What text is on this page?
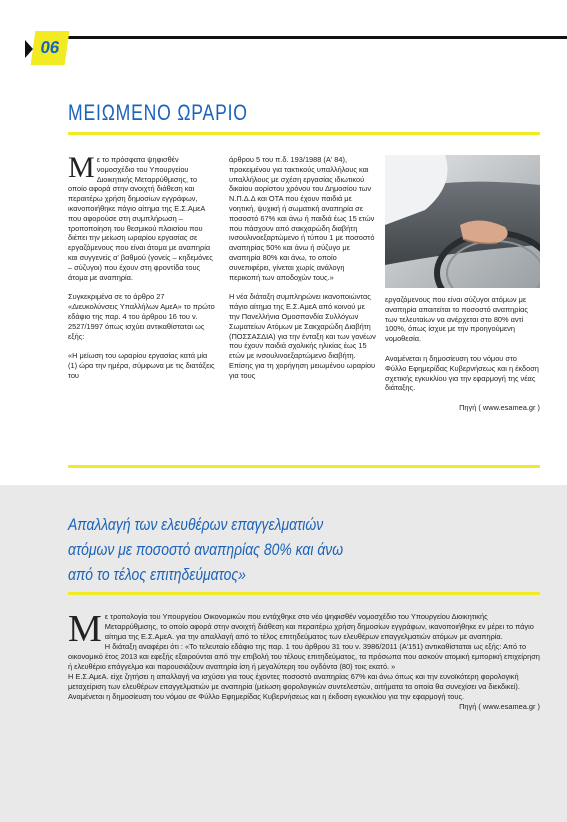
06
ΜΕΙΩΜΕΝΟ ΩΡΑΡΙΟ

Με το πρόσφατα ψηφισθέν νομοσχέδιο του Υπουργείου Διοικητικής Μεταρρύθμισης, το οποίο αφορά στην ανοιχτή διάθεση και περαιτέρω χρήση δημοσίων εγγράφων, ικανοποιήθηκε πάγιο αίτημα της Ε.Σ.ΑμεΑ που αφορούσε στη συμπλήρωση – τροποποίηση του θεσμικού πλαισίου που διέπει την μείωση ωραρίου εργασίας σε εργαζόμενους που είναι άτομα με αναπηρία και συγγενείς α' βαθμού (γονείς – κηδεμόνες – σύζυγοι) που έχουν στη φροντίδα τους άτομα με αναπηρία.

Συγκεκριμένα σε το άρθρο 27 «Διευκολύνσεις Υπαλλήλων ΑμεΑ» το πρώτο εδάφιο της παρ. 4 του άρθρου 16 του ν. 2527/1997 όπως ισχύει αντικαθίσταται ως εξής:

«Η μείωση του ωραρίου εργασίας κατά μία (1) ώρα την ημέρα, σύμφωνα με τις διατάξεις του

άρθρου 5 του π.δ. 193/1988 (Α' 84), προκειμένου για τακτικούς υπαλλήλους και υπαλλήλους με σχέση εργασίας ιδιωτικού δικαίου αορίστου χρόνου του Δημοσίου των Ν.Π.Δ.Δ και ΟΤΑ που έχουν παιδιά με νοητική, ψυχική ή σωματική αναπηρία σε ποσοστό 67% και άνω ή παιδιά έως 15 ετών που πάσχουν από σακχαρώδη διαβήτη ινσουλινοεξαρτώμενο ή τύπου 1 με ποσοστό αναπηρίας 50% και άνω ή σύζυγο με αναπηρία 80% και άνω, το οποίο συνεπιφέρει, γίνεται χωρίς ανάλογη περικοπή των αποδοχών τους.»

Η νέα διάταξη συμπληρώνει ικανοποιώντας πάγιο αίτημα της Ε.Σ.ΑμεΑ από κοινού με την Πανελλήνια Ομοσπονδία Συλλόγων Σωματείων Ατόμων με Σακχαρώδη Διαβήτη (ΠΟΣΣΑΣΔΙΑ) για την ένταξη και των γονέων που έχουν παιδιά σχολικής ηλικίας έως 15 ετών με ινσουλινοεξαρτώμενο διαβήτη. Επίσης για τη χορήγηση μειωμένου ωραρίου για τους

εργαζόμενους που είναι σύζυγοι ατόμων με αναπηρία απαιτείται το ποσοστό αναπηρίας των τελευταίων να ανέρχεται στο 80% αντί 100%, όπως ίσχυε με την προηγούμενη νομοθεσία.

Αναμένεται η δημοσίευση του νόμου στο Φύλλο Εφημερίδας Κυβερνήσεως και η έκδοση σχετικής εγκυκλίου για την εφαρμογή της νέας διάταξης.

Πηγή ( www.esamea.gr )

Απαλλαγή των ελευθέρων επαγγελματιών
ατόμων με ποσοστό αναπηρίας 80% και άνω
από το τέλος επιτηδεύματος»

Με τροπολογία του Υπουργείου Οικονομικών που εντάχθηκε στο νέο ψηφισθέν νομοσχέδιο του Υπουργείου Διοικητικής Μεταρρύθμισης, το οποίο αφορά στην ανοιχτή διάθεση και περαιτέρω χρήση δημοσίων εγγράφων, ικανοποιήθηκε εν μέρει το πάγιο αίτημα της Ε.Σ.ΑμεΑ. για την απαλλαγή από το τέλος επιτηδεύματος των ελευθέρων επαγγελματιών ατόμων με αναπηρία.

Η διάταξη αναφέρει ότι : «Το τελευταίο εδάφιο της παρ. 1 του άρθρου 31 του ν. 3986/2011 (Α'151) αντικαθίσταται ως εξής: Από το οικονομικό έτος 2013 και εφεξής εξαιρούνται από την επιβολή του τέλους επιτηδεύματος, τα πρόσωπα που ασκούν ατομική εμπορική επιχείρηση ή ελευθέριο επάγγελμα και παρουσιάζουν αναπηρία ίση ή μεγαλύτερη του ογδόντα (80) τοις εκατό. »

Η Ε.Σ.ΑμεΑ. είχε ζητήσει η απαλλαγή να ισχύσει για τους έχοντες ποσοστό αναπηρίας 67% και άνω όπως και την ευνοϊκότερη φορολογική μεταχείριση των ελευθέρων επαγγελματιών με αναπηρία (μείωση φορολογικών συντελεστών, αιτήματα τα οποία θα συνεχίσει να διεκδικεί).

Αναμένεται η δημοσίευση του νόμου σε Φύλλο Εφημερίδας Κυβερνήσεως και η έκδοση εγκυκλίου για την εφαρμογή τους.

Πηγή ( www.esamea.gr )
